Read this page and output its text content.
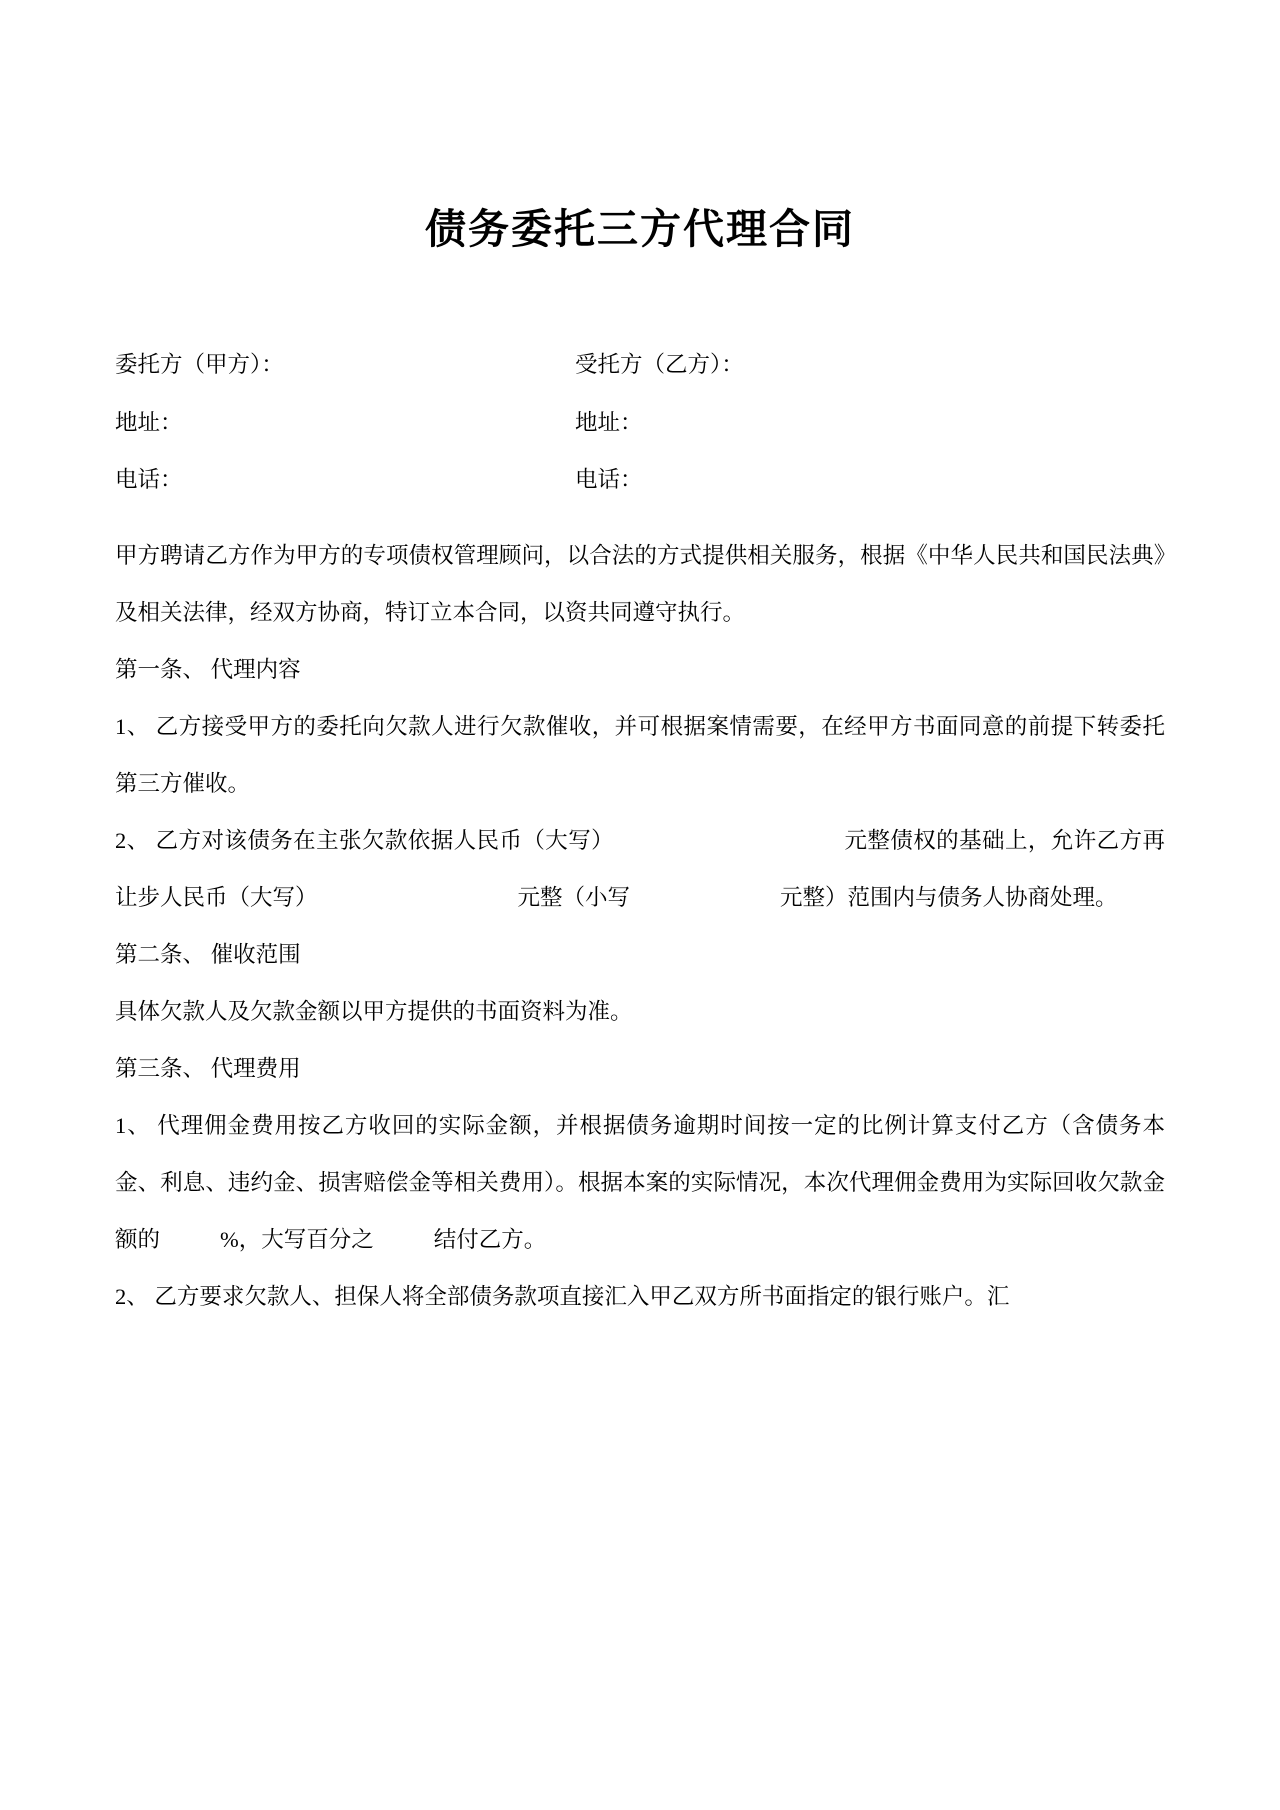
债务委托三方代理合同
委托方（甲方）：	受托方（乙方）：
地址：	地址：
电话：	电话：

甲方聘请乙方作为甲方的专项债权管理顾问，以合法的方式提供相关服务，根据《中华人民共和国民法典》及相关法律，经双方协商，特订立本合同，以资共同遵守执行。

第一条、 代理内容

1、 乙方接受甲方的委托向欠款人进行欠款催收，并可根据案情需要，在经甲方书面同意的前提下转委托第三方催收。

2、 乙方对该债务在主张欠款依据人民币（大写）	元整债权的基础上，允许乙方再让步人民币（大写）	元整（小写	元整）范围内与债务人协商处理。

第二条、 催收范围

具体欠款人及欠款金额以甲方提供的书面资料为准。

第三条、 代理费用

1、 代理佣金费用按乙方收回的实际金额，并根据债务逾期时间按一定的比例计算支付乙方（含债务本金、利息、违约金、损害赔偿金等相关费用）。根据本案的实际情况，本次代理佣金费用为实际回收欠款金额的	%，大写百分之	结付乙方。

2、 乙方要求欠款人、担保人将全部债务款项直接汇入甲乙双方所书面指定的银行账户。汇
